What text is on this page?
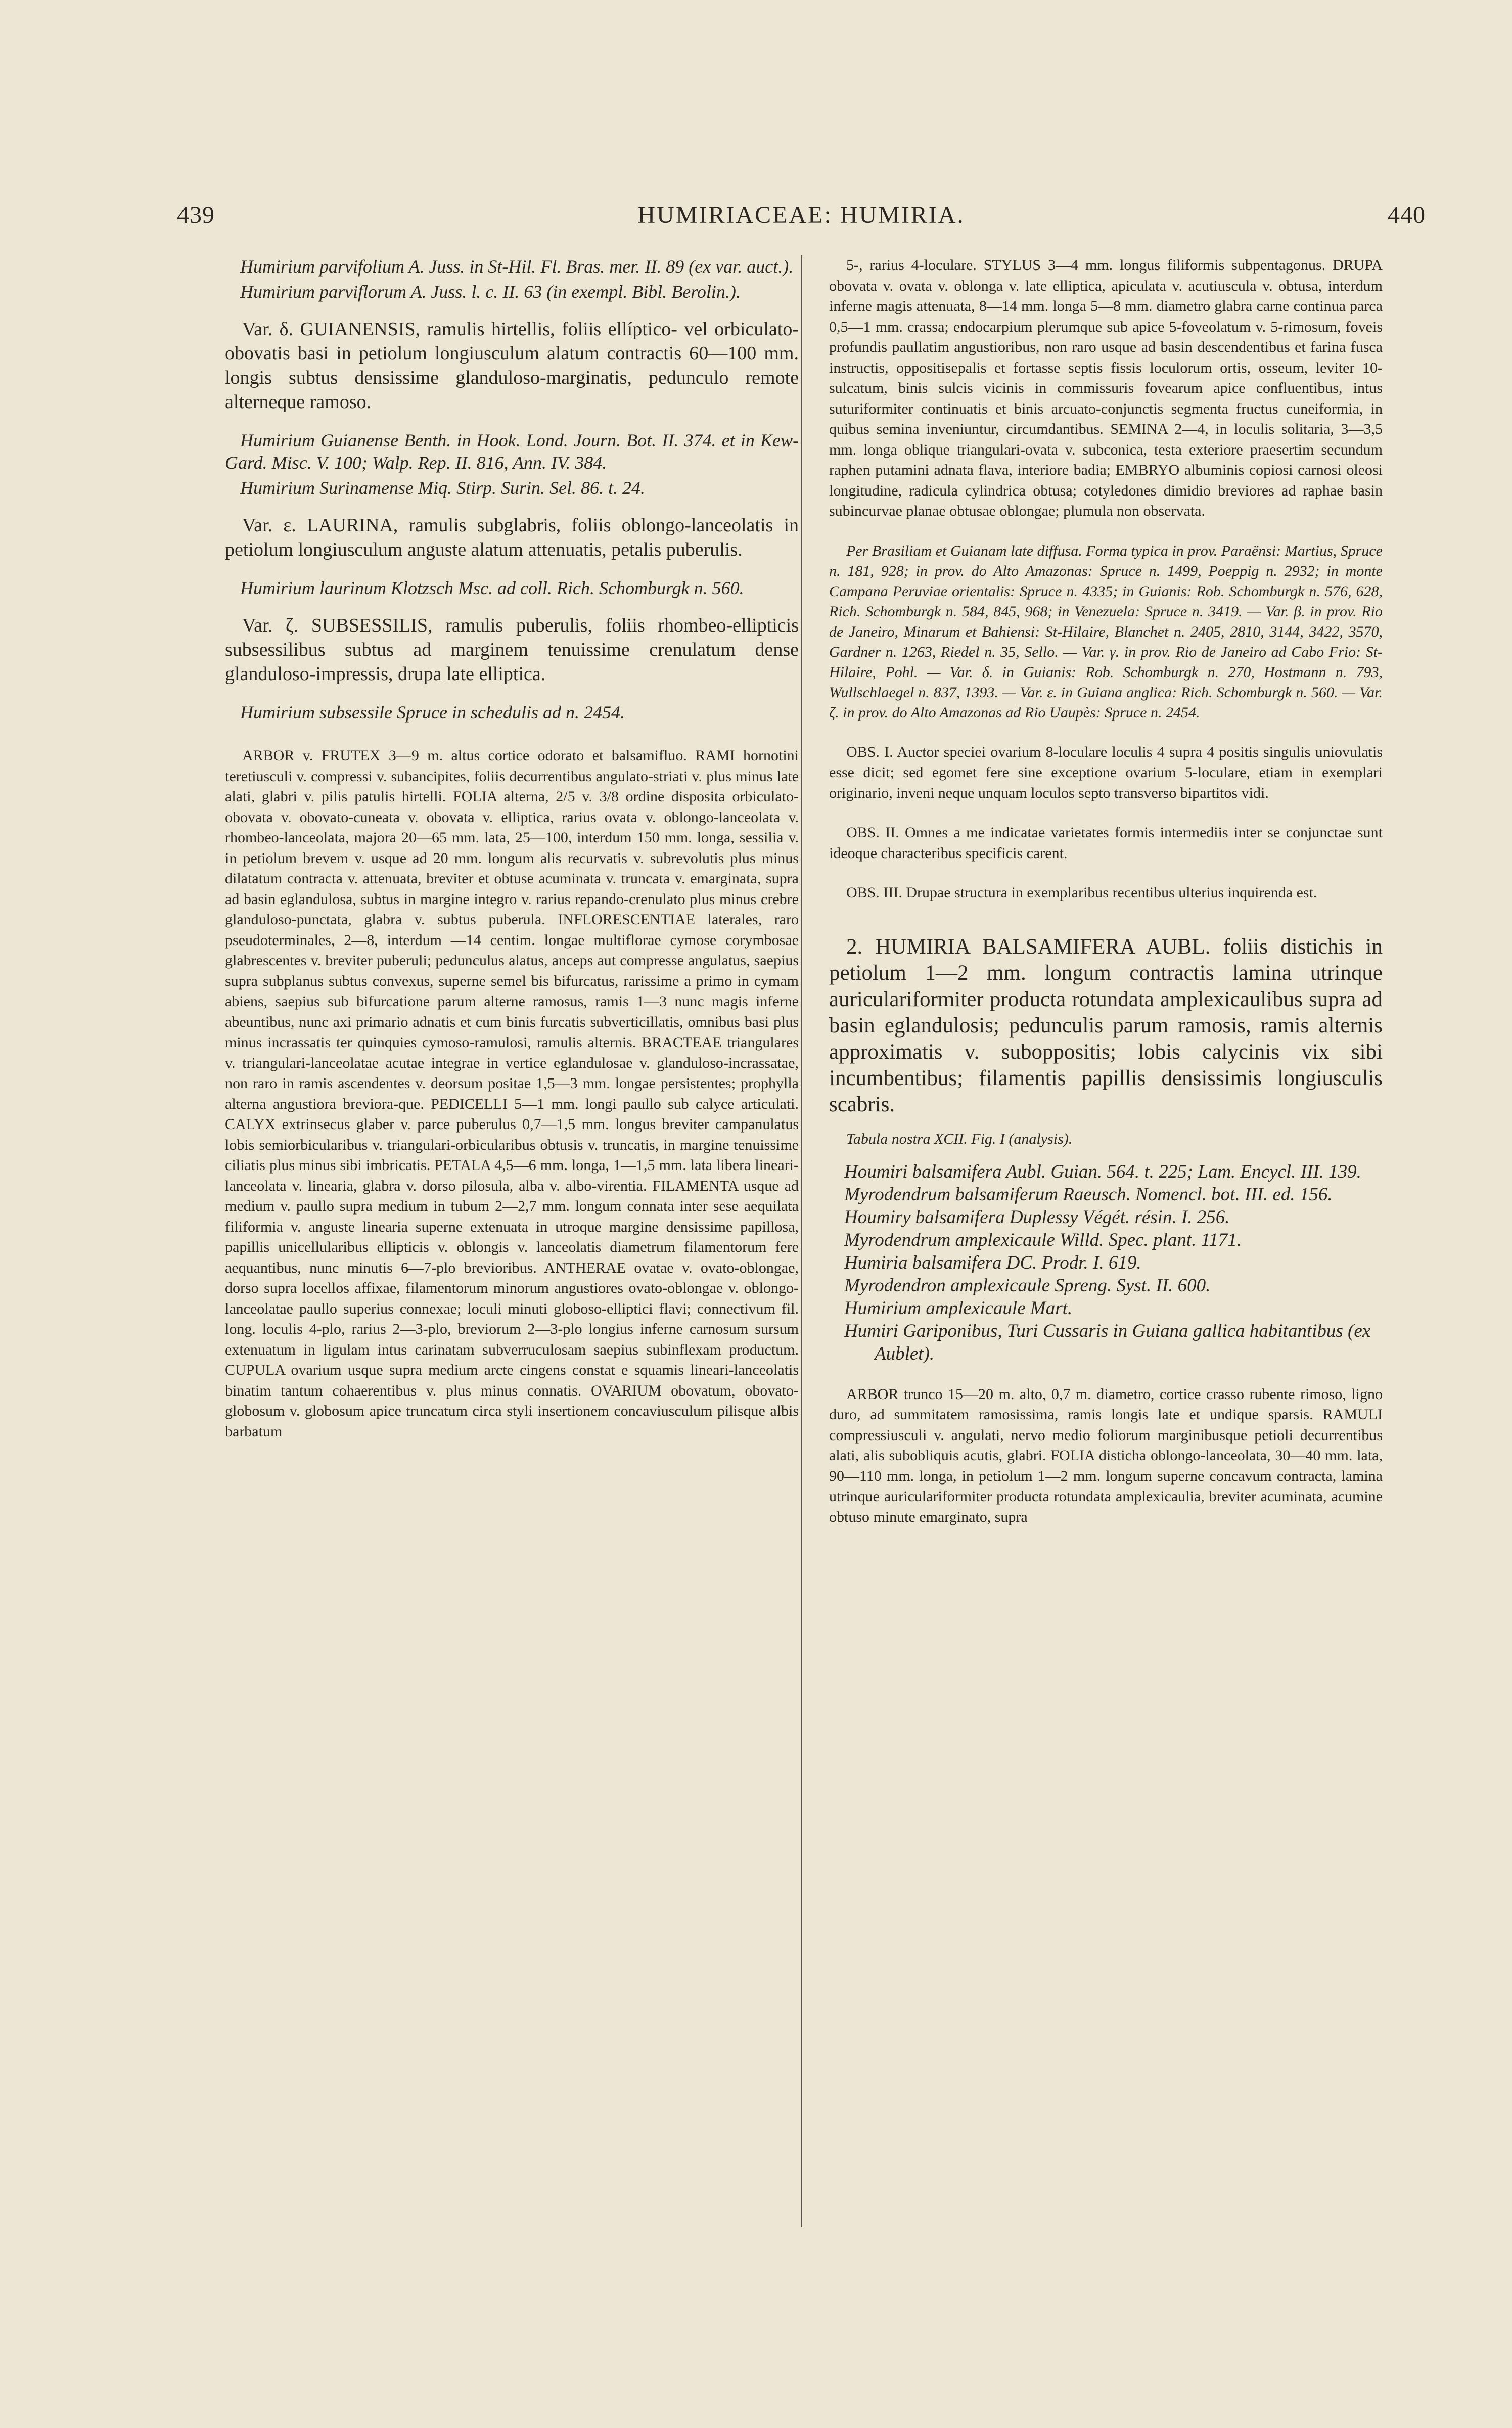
439	HUMIRIACEAE: HUMIRIA.	440

Humirium parvifolium A. Juss. in St-Hil. Fl. Bras. mer. II. 89 (ex var. auct.).

Humirium parviflorum A. Juss. l. c. II. 63 (in exempl. Bibl. Berolin.).

Var. δ. GUIANENSIS, ramulis hirtellis, foliis ellíptico- vel orbiculato-obovatis basi in petiolum longiusculum alatum contractis 60—100 mm. longis subtus densissime glanduloso-marginatis, pedunculo remote alterneque ramoso.

Humirium Guianense Benth. in Hook. Lond. Journ. Bot. II. 374. et in Kew-Gard. Misc. V. 100; Walp. Rep. II. 816, Ann. IV. 384.

Humirium Surinamense Miq. Stirp. Surin. Sel. 86. t. 24.

Var. ε. LAURINA, ramulis subglabris, foliis oblongo-lanceolatis in petiolum longiusculum anguste alatum attenuatis, petalis puberulis.

Humirium laurinum Klotzsch Msc. ad coll. Rich. Schomburgk n. 560.

Var. ζ. SUBSESSILIS, ramulis puberulis, foliis rhombeo-ellipticis subsessilibus subtus ad marginem tenuissime crenulatum dense glanduloso-impressis, drupa late elliptica.

Humirium subsessile Spruce in schedulis ad n. 2454.

ARBOR v. FRUTEX 3—9 m. altus cortice odorato et balsamifluo. RAMI hornotini teretiusculi v. compressi v. subancipites, foliis decurrentibus angulato-striati v. plus minus late alati, glabri v. pilis patulis hirtelli. FOLIA alterna, 2/5 v. 3/8 ordine disposita orbiculato-obovata v. obovato-cuneata v. obovata v. elliptica, rarius ovata v. oblongo-lanceolata v. rhombeo-lanceolata, majora 20—65 mm. lata, 25—100, interdum 150 mm. longa, sessilia v. in petiolum brevem v. usque ad 20 mm. longum alis recurvatis v. subrevolutis plus minus dilatatum contracta v. attenuata, breviter et obtuse acuminata v. truncata v. emarginata, supra ad basin eglandulosa, subtus in margine integro v. rarius repando-crenulato plus minus crebre glanduloso-punctata, glabra v. subtus puberula. INFLORESCENTIAE laterales, raro pseudoterminales, 2—8, interdum —14 centim. longae multiflorae cymose corymbosae glabrescentes v. breviter puberuli; pedunculus alatus, anceps aut compresse angulatus, saepius supra subplanus subtus convexus, superne semel bis bifurcatus, rarissime a primo in cymam abiens, saepius sub bifurcatione parum alterne ramosus, ramis 1—3 nunc magis inferne abeuntibus, nunc axi primario adnatis et cum binis furcatis subverticillatis, omnibus basi plus minus incrassatis ter quinquies cymoso-ramulosi, ramulis alternis. BRACTEAE triangulares v. triangulari-lanceolatae acutae integrae in vertice eglandulosae v. glanduloso-incrassatae, non raro in ramis ascendentes v. deorsum positae 1,5—3 mm. longae persistentes; prophylla alterna angustiora breviora-que. PEDICELLI 5—1 mm. longi paullo sub calyce articulati. CALYX extrinsecus glaber v. parce puberulus 0,7—1,5 mm. longus breviter campanulatus lobis semiorbicularibus v. triangulari-orbicularibus obtusis v. truncatis, in margine tenuissime ciliatis plus minus sibi imbricatis. PETALA 4,5—6 mm. longa, 1—1,5 mm. lata libera lineari-lanceolata v. linearia, glabra v. dorso pilosula, alba v. albo-virentia. FILAMENTA usque ad medium v. paullo supra medium in tubum 2—2,7 mm. longum connata inter sese aequilata filiformia v. anguste linearia superne extenuata in utroque margine densissime papillosa, papillis unicellularibus ellipticis v. oblongis v. lanceolatis diametrum filamentorum fere aequantibus, nunc minutis 6—7-plo brevioribus. ANTHERAE ovatae v. ovato-oblongae, dorso supra locellos affixae, filamentorum minorum angustiores ovato-oblongae v. oblongo-lanceolatae paullo superius connexae; loculi minuti globoso-elliptici flavi; connectivum fil. long. loculis 4-plo, rarius 2—3-plo, breviorum 2—3-plo longius inferne carnosum sursum extenuatum in ligulam intus carinatam subverruculosam saepius subinflexam productum. CUPULA ovarium usque supra medium arcte cingens constat e squamis lineari-lanceolatis binatim tantum cohaerentibus v. plus minus connatis. OVARIUM obovatum, obovato-globosum v. globosum apice truncatum circa styli insertionem concaviusculum pilisque albis barbatum

5-, rarius 4-loculare. STYLUS 3—4 mm. longus filiformis subpentagonus. DRUPA obovata v. ovata v. oblonga v. late elliptica, apiculata v. acutiuscula v. obtusa, interdum inferne magis attenuata, 8—14 mm. longa 5—8 mm. diametro glabra carne continua parca 0,5—1 mm. crassa; endocarpium plerumque sub apice 5-foveolatum v. 5-rimosum, foveis profundis paullatim angustioribus, non raro usque ad basin descendentibus et farina fusca instructis, oppositisepalis et fortasse septis fissis loculorum ortis, osseum, leviter 10-sulcatum, binis sulcis vicinis in commissuris fovearum apice confluentibus, intus suturiformiter continuatis et binis arcuato-conjunctis segmenta fructus cuneiformia, in quibus semina inveniuntur, circumdantibus. SEMINA 2—4, in loculis solitaria, 3—3,5 mm. longa oblique triangulari-ovata v. subconica, testa exteriore praesertim secundum raphen putamini adnata flava, interiore badia; EMBRYO albuminis copiosi carnosi oleosi longitudine, radicula cylindrica obtusa; cotyledones dimidio breviores ad raphae basin subincurvae planae obtusae oblongae; plumula non observata.

Per Brasiliam et Guianam late diffusa. Forma typica in prov. Paraënsi: Martius, Spruce n. 181, 928; in prov. do Alto Amazonas: Spruce n. 1499, Poeppig n. 2932; in monte Campana Peruviae orientalis: Spruce n. 4335; in Guianis: Rob. Schomburgk n. 576, 628, Rich. Schomburgk n. 584, 845, 968; in Venezuela: Spruce n. 3419. — Var. β. in prov. Rio de Janeiro, Minarum et Bahiensi: St-Hilaire, Blanchet n. 2405, 2810, 3144, 3422, 3570, Gardner n. 1263, Riedel n. 35, Sello. — Var. γ. in prov. Rio de Janeiro ad Cabo Frio: St-Hilaire, Pohl. — Var. δ. in Guianis: Rob. Schomburgk n. 270, Hostmann n. 793, Wullschlaegel n. 837, 1393. — Var. ε. in Guiana anglica: Rich. Schomburgk n. 560. — Var. ζ. in prov. do Alto Amazonas ad Rio Uaupès: Spruce n. 2454.

OBS. I. Auctor speciei ovarium 8-loculare loculis 4 supra 4 positis singulis uniovulatis esse dicit; sed egomet fere sine exceptione ovarium 5-loculare, etiam in exemplari originario, inveni neque unquam loculos septo transverso bipartitos vidi.

OBS. II. Omnes a me indicatae varietates formis intermediis inter se conjunctae sunt ideoque characteribus specificis carent.

OBS. III. Drupae structura in exemplaribus recentibus ulterius inquirenda est.

2. HUMIRIA BALSAMIFERA AUBL. foliis distichis in petiolum 1—2 mm. longum contractis lamina utrinque auriculariformiter producta rotundata amplexicaulibus supra ad basin eglandulosis; pedunculis parum ramosis, ramis alternis approximatis v. suboppositis; lobis calycinis vix sibi incumbentibus; filamentis papillis densissimis longiusculis scabris.

Tabula nostra XCII. Fig. I (analysis).

Houmiri balsamifera Aubl. Guian. 564. t. 225; Lam. Encycl. III. 139.

Myrodendrum balsamiferum Raeusch. Nomencl. bot. III. ed. 156.

Houmiry balsamifera Duplessy Végét. résin. I. 256.

Myrodendrum amplexicaule Willd. Spec. plant. 1171.

Humiria balsamifera DC. Prodr. I. 619.

Myrodendron amplexicaule Spreng. Syst. II. 600.

Humirium amplexicaule Mart.

Humiri Gariponibus, Turi Cussaris in Guiana gallica habitantibus (ex Aublet).

ARBOR trunco 15—20 m. alto, 0,7 m. diametro, cortice crasso rubente rimoso, ligno duro, ad summitatem ramosissima, ramis longis late et undique sparsis. RAMULI compressiusculi v. angulati, nervo medio foliorum marginibusque petioli decurrentibus alati, alis subobliquis acutis, glabri. FOLIA disticha oblongo-lanceolata, 30—40 mm. lata, 90—110 mm. longa, in petiolum 1—2 mm. longum superne concavum contracta, lamina utrinque auriculariformiter producta rotundata amplexicaulia, breviter acuminata, acumine obtuso minute emarginato, supra
